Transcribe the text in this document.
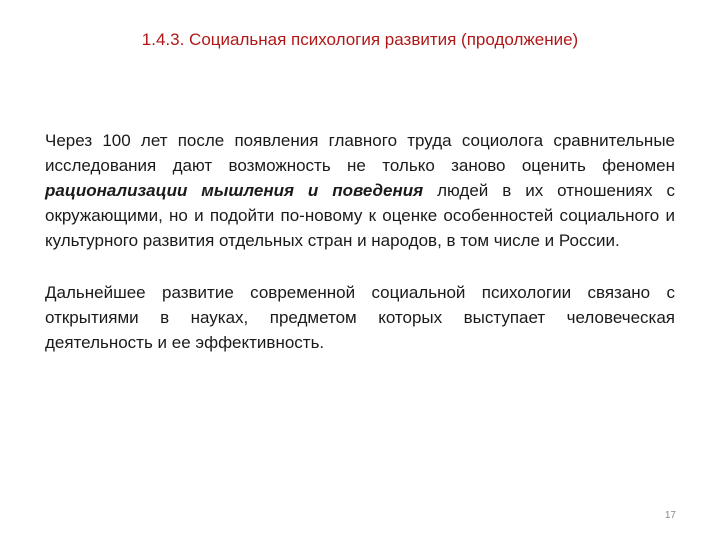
1.4.3. Социальная психология развития (продолжение)

Через 100 лет после появления главного труда социолога сравнительные исследования дают возможность не только заново оценить феномен рационализации мышления и поведения людей в их отношениях с окружающими, но и подойти по-новому к оценке особенностей социального и культурного развития отдельных стран и народов, в том числе и России.

Дальнейшее развитие современной социальной психологии связано с открытиями в науках, предметом которых выступает человеческая деятельность и ее эффективность.

17
